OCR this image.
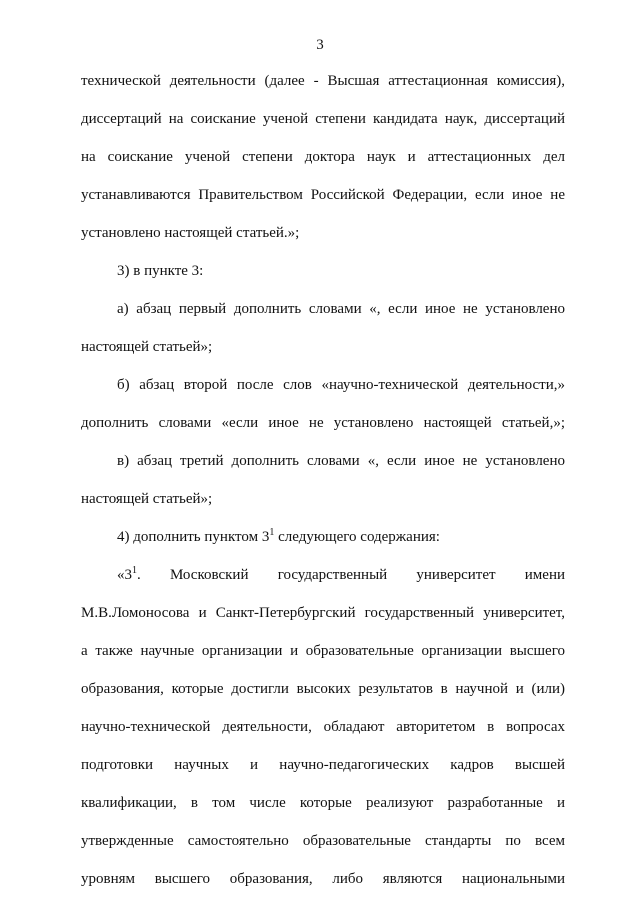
3
технической деятельности (далее - Высшая аттестационная комиссия),
диссертаций на соискание ученой степени кандидата наук, диссертаций
на соискание ученой степени доктора наук и аттестационных дел
устанавливаются Правительством Российской Федерации, если иное не
установлено настоящей статьей.»;
3) в пункте 3:
а) абзац первый дополнить словами «, если иное не установлено
настоящей статьей»;
б) абзац второй после слов «научно-технической деятельности,»
дополнить словами «если иное не установлено настоящей статьей,»;
в) абзац третий дополнить словами «, если иное не установлено
настоящей статьей»;
4) дополнить пунктом $3^1$ следующего содержания:
«$3^1$. Московский государственный университет имени
М.В.Ломоносова и Санкт-Петербургский государственный университет,
а также научные организации и образовательные организации высшего
образования, которые достигли высоких результатов в научной и (или)
научно-технической деятельности, обладают авторитетом в вопросах
подготовки научных и научно-педагогических кадров высшей
квалификации, в том числе которые реализуют разработанные и
утвержденные самостоятельно образовательные стандарты по всем
уровням высшего образования, либо являются национальными
